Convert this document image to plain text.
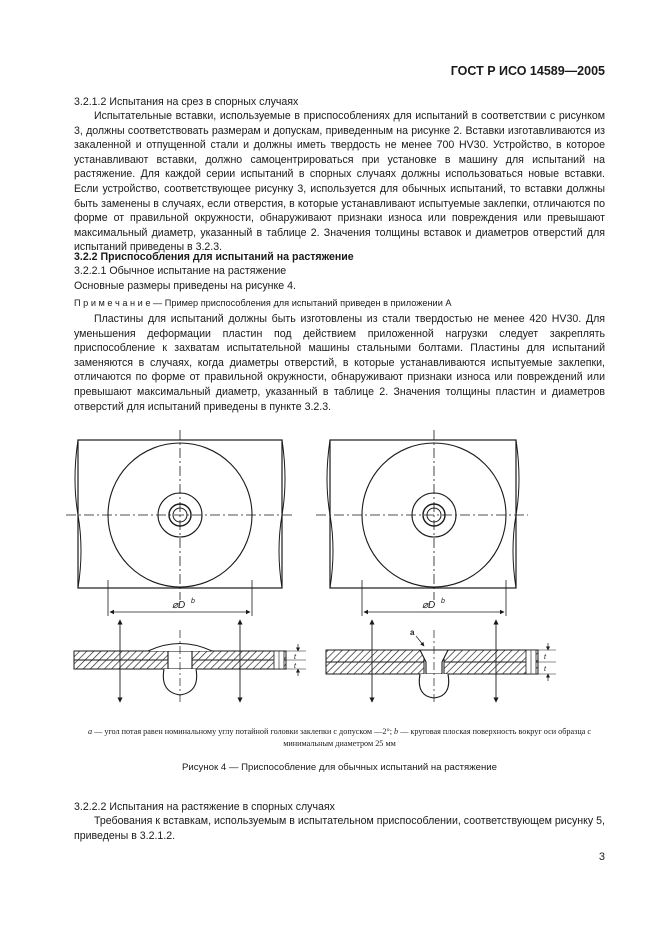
ГОСТ Р ИСО 14589—2005
3.2.1.2 Испытания на срез в спорных случаях
Испытательные вставки, используемые в приспособлениях для испытаний в соответствии с рисунком 3, должны соответствовать размерам и допускам, приведенным на рисунке 2. Вставки изготавливаются из закаленной и отпущенной стали и должны иметь твердость не менее 700 HV30. Устройство, в которое устанавливают вставки, должно самоцентрироваться при установке в машину для испытаний на растяжение. Для каждой серии испытаний в спорных случаях должны использоваться новые вставки. Если устройство, соответствующее рисунку 3, используется для обычных испытаний, то вставки должны быть заменены в случаях, если отверстия, в которые устанавливают испытуемые заклепки, отличаются по форме от правильной окружности, обнаруживают признаки износа или повреждения или превышают максимальный диаметр, указанный в таблице 2. Значения толщины вставок и диаметров отверстий для испытаний приведены в 3.2.3.
3.2.2 Приспособления для испытаний на растяжение
3.2.2.1 Обычное испытание на растяжение
Основные размеры приведены на рисунке 4.
П р и м е ч а н и е — Пример приспособления для испытаний приведен в приложении А
Пластины для испытаний должны быть изготовлены из стали твердостью не менее 420 HV30. Для уменьшения деформации пластин под действием приложенной нагрузки следует закреплять приспособление к захватам испытательной машины стальными болтами. Пластины для испытаний заменяются в случаях, когда диаметры отверстий, в которые устанавливаются испытуемые заклепки, отличаются по форме от правильной окружности, обнаруживают признаки износа или повреждений или превышают максимальный диаметр, указанный в таблице 2. Значения толщины пластин и диаметров отверстий для испытаний приведены в пункте 3.2.3.
⌀D b
t
t
⌀D b
a
t
t
a — угол потая равен номинальному углу потайной головки заклепки с допуском —2°; b — круговая плоская поверхность вокруг оси образца с минимальным диаметром 25 мм
Рисунок 4 — Приспособление для обычных испытаний на растяжение
3.2.2.2 Испытания на растяжение в спорных случаях
Требования к вставкам, используемым в испытательном приспособлении, соответствующем рисунку 5, приведены в 3.2.1.2.
3
